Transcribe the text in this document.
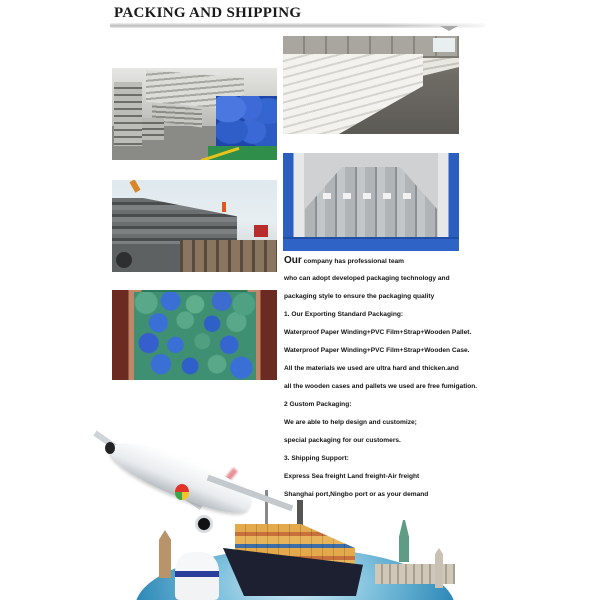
PACKING AND SHIPPING
Our company has professional team
who can adopt developed packaging technology and
packaging style to ensure the packaging quality
1. Our Exporting Standard Packaging:
Waterproof Paper Winding+PVC Film+Strap+Wooden Pallet.
Waterproof Paper Winding+PVC Film+Strap+Wooden Case.
All the materials we used are ultra hard and thicken.and
all the wooden cases and pallets we used are free fumigation.
2 Gustom Packaging:
We are able to help design and customize;
special packaging for our customers.
3. Shipping Support:
Express Sea freight Land freight-Air freight
Shanghai port,Ningbo port or as your demand
